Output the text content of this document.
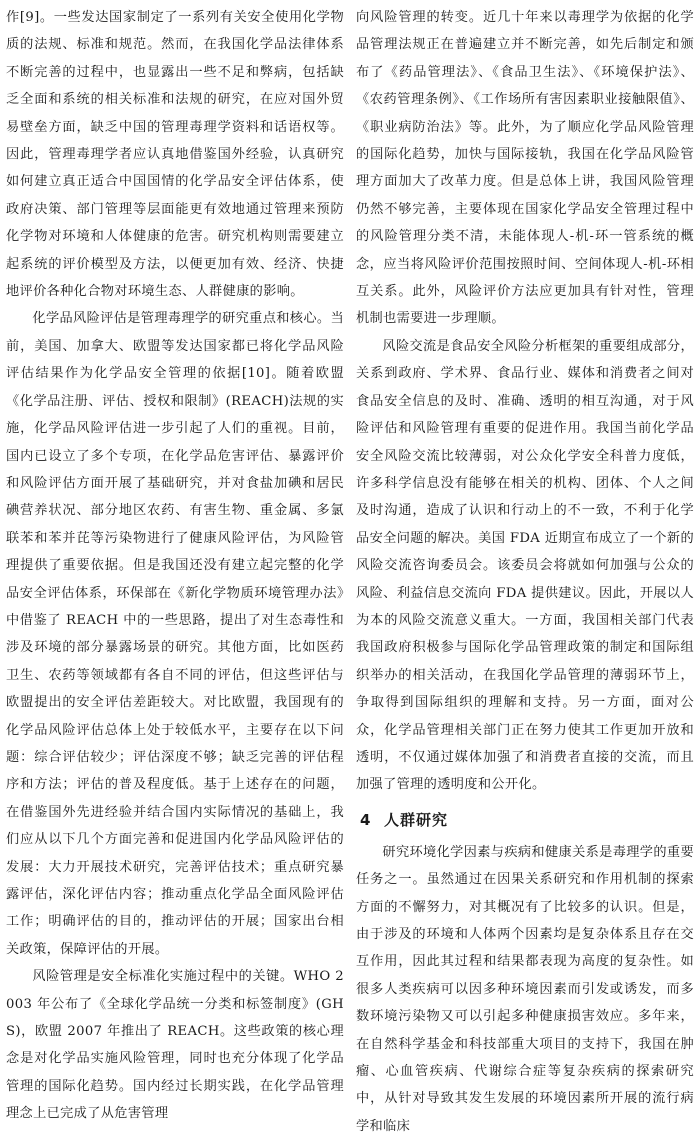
作[9]。一些发达国家制定了一系列有关安全使用化学物质的法规、标准和规范。然而，在我国化学品法律体系不断完善的过程中，也显露出一些不足和弊病，包括缺乏全面和系统的相关标准和法规的研究，在应对国外贸易壁垒方面，缺乏中国的管理毒理学资料和话语权等。因此，管理毒理学者应认真地借鉴国外经验，认真研究如何建立真正适合中国国情的化学品安全评估体系，使政府决策、部门管理等层面能更有效地通过管理来预防化学物对环境和人体健康的危害。研究机构则需要建立起系统的评价模型及方法，以便更加有效、经济、快捷地评价各种化合物对环境生态、人群健康的影响。

化学品风险评估是管理毒理学的研究重点和核心。当前，美国、加拿大、欧盟等发达国家都已将化学品风险评估结果作为化学品安全管理的依据[10]。随着欧盟《化学品注册、评估、授权和限制》(REACH)法规的实施，化学品风险评估进一步引起了人们的重视。目前，国内已设立了多个专项，在化学品危害评估、暴露评价和风险评估方面开展了基础研究，并对食盐加碘和居民碘营养状况、部分地区农药、有害生物、重金属、多氯联苯和苯并芘等污染物进行了健康风险评估，为风险管理提供了重要依据。但是我国还没有建立起完整的化学品安全评估体系，环保部在《新化学物质环境管理办法》中借鉴了 REACH 中的一些思路，提出了对生态毒性和涉及环境的部分暴露场景的研究。其他方面，比如医药卫生、农药等领域都有各自不同的评估，但这些评估与欧盟提出的安全评估差距较大。对比欧盟，我国现有的化学品风险评估总体上处于较低水平，主要存在以下问题：综合评估较少；评估深度不够；缺乏完善的评估程序和方法；评估的普及程度低。基于上述存在的问题，在借鉴国外先进经验并结合国内实际情况的基础上，我们应从以下几个方面完善和促进国内化学品风险评估的发展：大力开展技术研究，完善评估技术；重点研究暴露评估，深化评估内容；推动重点化学品全面风险评估工作；明确评估的目的，推动评估的开展；国家出台相关政策，保障评估的开展。

风险管理是安全标准化实施过程中的关键。WHO 2003 年公布了《全球化学品统一分类和标签制度》(GHS)，欧盟 2007 年推出了 REACH。这些政策的核心理念是对化学品实施风险管理，同时也充分体现了化学品管理的国际化趋势。国内经过长期实践，在化学品管理理念上已完成了从危害管理

向风险管理的转变。近几十年来以毒理学为依据的化学品管理法规正在普遍建立并不断完善，如先后制定和颁布了《药品管理法》、《食品卫生法》、《环境保护法》、《农药管理条例》、《工作场所有害因素职业接触限值》、《职业病防治法》等。此外，为了顺应化学品风险管理的国际化趋势，加快与国际接轨，我国在化学品风险管理方面加大了改革力度。但是总体上讲，我国风险管理仍然不够完善，主要体现在国家化学品安全管理过程中的风险管理分类不清，未能体现人-机-环一管系统的概念，应当将风险评价范围按照时间、空间体现人-机-环相互关系。此外，风险评价方法应更加具有针对性，管理机制也需要进一步理顺。

风险交流是食品安全风险分析框架的重要组成部分，关系到政府、学术界、食品行业、媒体和消费者之间对食品安全信息的及时、准确、透明的相互沟通，对于风险评估和风险管理有重要的促进作用。我国当前化学品安全风险交流比较薄弱，对公众化学安全科普力度低，许多科学信息没有能够在相关的机构、团体、个人之间及时沟通，造成了认识和行动上的不一致，不利于化学品安全问题的解决。美国 FDA 近期宣布成立了一个新的风险交流咨询委员会。该委员会将就如何加强与公众的风险、利益信息交流向 FDA 提供建议。因此，开展以人为本的风险交流意义重大。一方面，我国相关部门代表我国政府积极参与国际化学品管理政策的制定和国际组织举办的相关活动，在我国化学品管理的薄弱环节上，争取得到国际组织的理解和支持。另一方面，面对公众，化学品管理相关部门正在努力使其工作更加开放和透明，不仅通过媒体加强了和消费者直接的交流，而且加强了管理的透明度和公开化。

4 人群研究

研究环境化学因素与疾病和健康关系是毒理学的重要任务之一。虽然通过在因果关系研究和作用机制的探索方面的不懈努力，对其概况有了比较多的认识。但是，由于涉及的环境和人体两个因素均是复杂体系且存在交互作用，因此其过程和结果都表现为高度的复杂性。如很多人类疾病可以因多种环境因素而引发或诱发，而多数环境污染物又可以引起多种健康损害效应。多年来，在自然科学基金和科技部重大项目的支持下，我国在肿瘤、心血管疾病、代谢综合症等复杂疾病的探索研究中，从针对导致其发生发展的环境因素所开展的流行病学和临床
